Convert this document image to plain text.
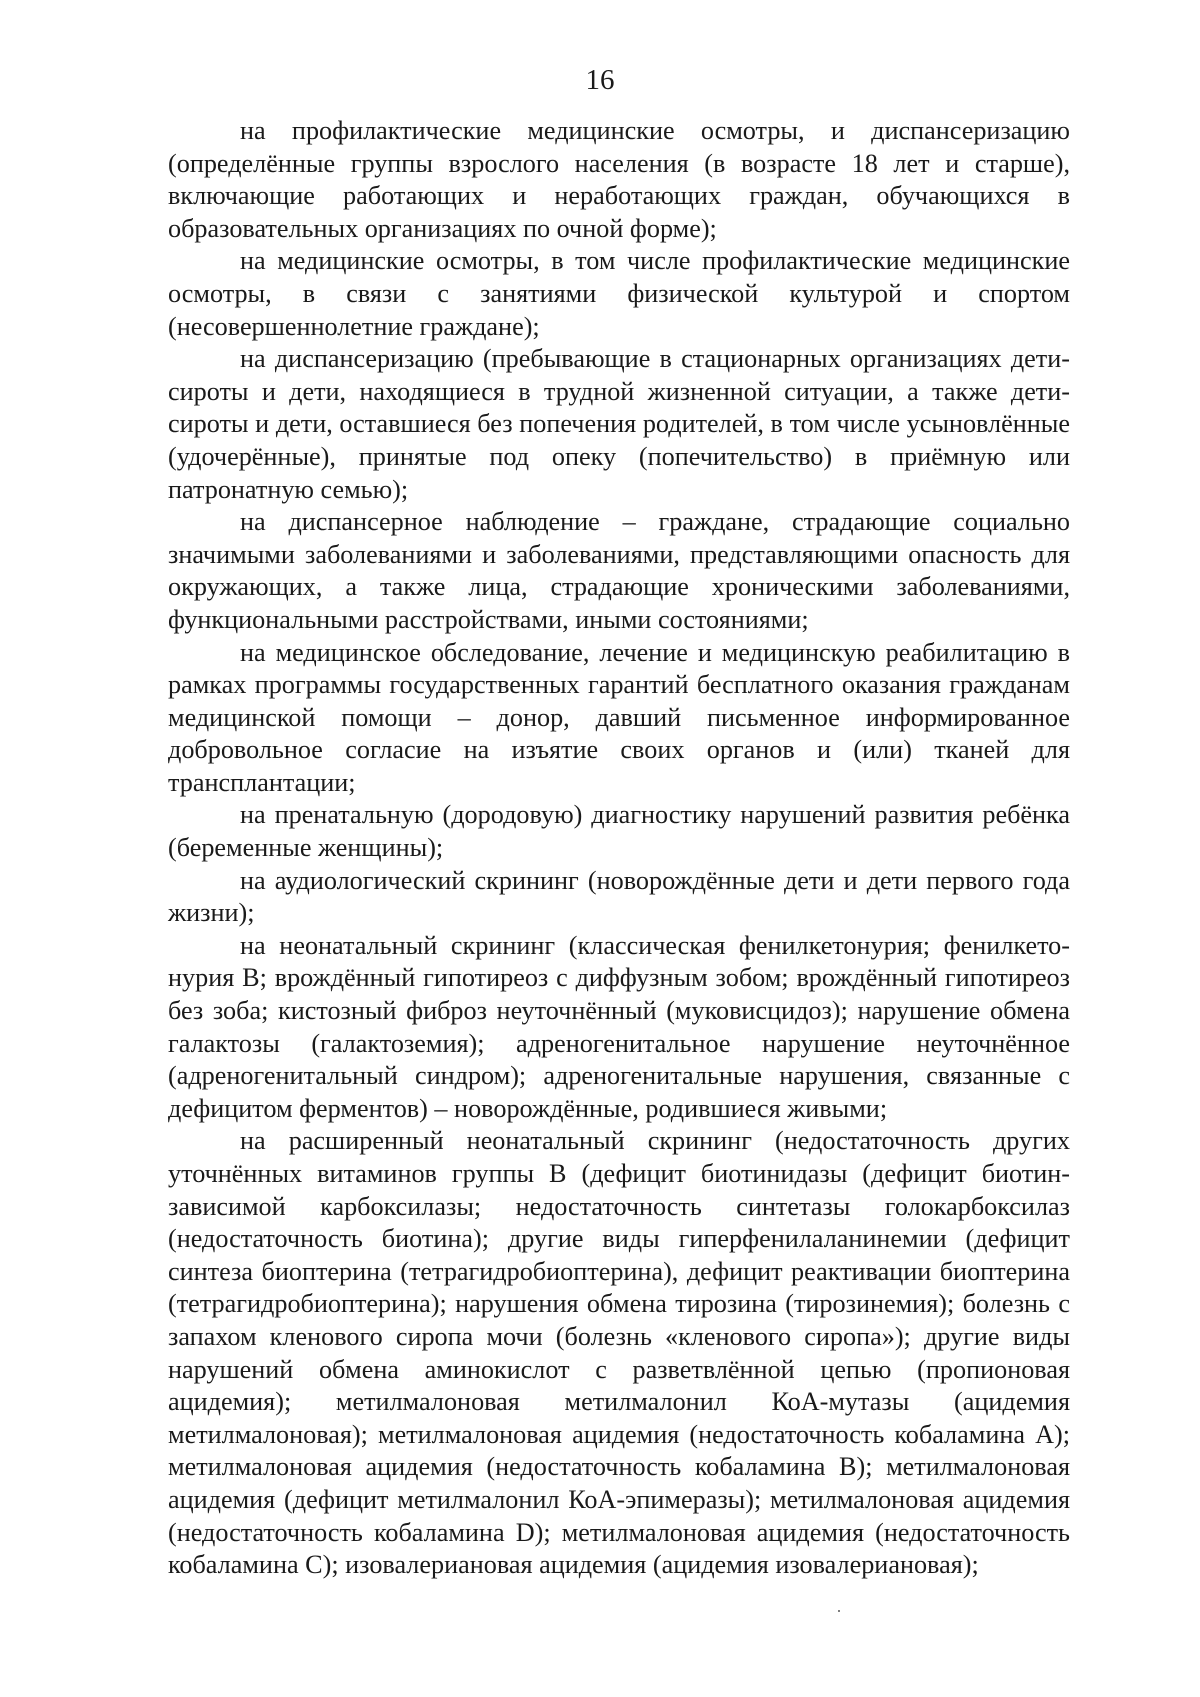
16

на профилактические медицинские осмотры, и диспансеризацию (определённые группы взрослого населения (в возрасте 18 лет и старше), включающие работающих и неработающих граждан, обучающихся в образовательных организациях по очной форме);

на медицинские осмотры, в том числе профилактические медицинские осмотры, в связи с занятиями физической культурой и спортом (несовершеннолетние граждане);

на диспансеризацию (пребывающие в стационарных организациях дети-сироты и дети, находящиеся в трудной жизненной ситуации, а также дети-сироты и дети, оставшиеся без попечения родителей, в том числе усыновлённые (удочерённые), принятые под опеку (попечительство) в приёмную или патронатную семью);

на диспансерное наблюдение – граждане, страдающие социально значимыми заболеваниями и заболеваниями, представляющими опасность для окружающих, а также лица, страдающие хроническими заболеваниями, функциональными расстройствами, иными состояниями;

на медицинское обследование, лечение и медицинскую реабилитацию в рамках программы государственных гарантий бесплатного оказания гражданам медицинской помощи – донор, давший письменное информированное добровольное согласие на изъятие своих органов и (или) тканей для трансплантации;

на пренатальную (дородовую) диагностику нарушений развития ребёнка (беременные женщины);

на аудиологический скрининг (новорождённые дети и дети первого года жизни);

на неонатальный скрининг (классическая фенилкетонурия; фенилкето-нурия B; врождённый гипотиреоз с диффузным зобом; врождённый гипотиреоз без зоба; кистозный фиброз неуточнённый (муковисцидоз); нарушение обмена галактозы (галактоземия); адреногенитальное нарушение неуточнённое (адреногенитальный синдром); адреногенитальные нарушения, связанные с дефицитом ферментов) – новорождённые, родившиеся живыми;

на расширенный неонатальный скрининг (недостаточность других уточнённых витаминов группы B (дефицит биотинидазы (дефицит биотин-зависимой карбоксилазы; недостаточность синтетазы голокарбоксилаз (недостаточность биотина); другие виды гиперфенилаланинемии (дефицит синтеза биоптерина (тетрагидробиоптерина), дефицит реактивации биоптерина (тетрагидробиоптерина); нарушения обмена тирозина (тирозинемия); болезнь с запахом кленового сиропа мочи (болезнь «кленового сиропа»); другие виды нарушений обмена аминокислот с разветвлённой цепью (пропионовая ацидемия); метилмалоновая метилмалонил КоА-мутазы (ацидемия метилмалоновая); метилмалоновая ацидемия (недостаточность кобаламина A); метилмалоновая ацидемия (недостаточность кобаламина B); метилмалоновая ацидемия (дефицит метилмалонил КоА-эпимеразы); метилмалоновая ацидемия (недостаточность кобаламина D); метилмалоновая ацидемия (недостаточность кобаламина C); изовалериановая ацидемия (ацидемия изовалериановая);
